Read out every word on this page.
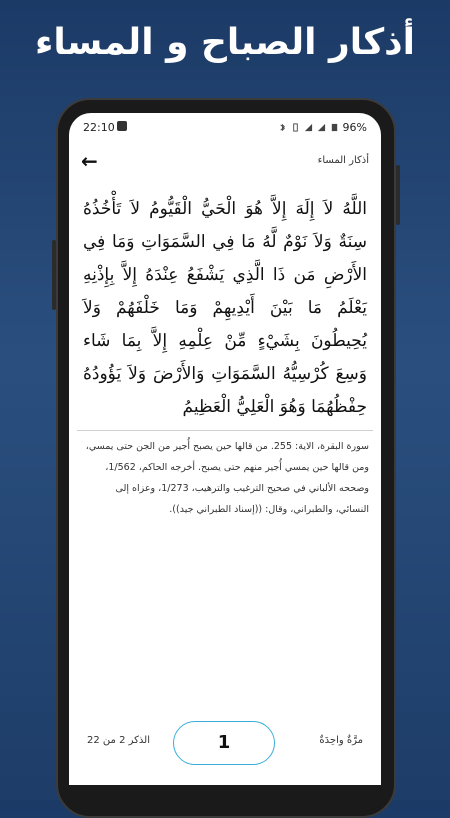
أذكار الصباح و المساء
22:10	96%
←	أذكار المساء
اللَّهُ لاَ إِلَهَ إِلاَّ هُوَ الْحَيُّ الْقَيُّومُ لاَ تَأْخُذُهُ سِنَةٌ وَلاَ نَوْمٌ لَّهُ مَا فِي السَّمَوَاتِ وَمَا فِي الأَرْضِ مَن ذَا الَّذِي يَشْفَعُ عِنْدَهُ إِلاَّ بِإِذْنِهِ يَعْلَمُ مَا بَيْنَ أَيْدِيهِمْ وَمَا خَلْفَهُمْ وَلاَ يُحِيطُونَ بِشَيْءٍ مِّنْ عِلْمِهِ إِلاَّ بِمَا شَاء وَسِعَ كُرْسِيُّهُ السَّمَوَاتِ وَالأَرْضَ وَلاَ يَؤُودُهُ حِفْظُهُمَا وَهُوَ الْعَلِيُّ الْعَظِيمُ
سورة البقرة، الاية: 255. من قالها حين يصبح أُجير من الجن حتى يمسي، ومن قالها حين يمسي أُجير منهم حتى يصبح. أخرجه الحاكم، 1/562، وصححه الألباني في صحيح الترغيب والترهيب، 1/273، وعزاه إلى النسائي، والطبراني، وقال: ((إسناد الطبراني جيد)).
الذكر 2 من 22	1	مرَّةٌ واحِدَةٌ
